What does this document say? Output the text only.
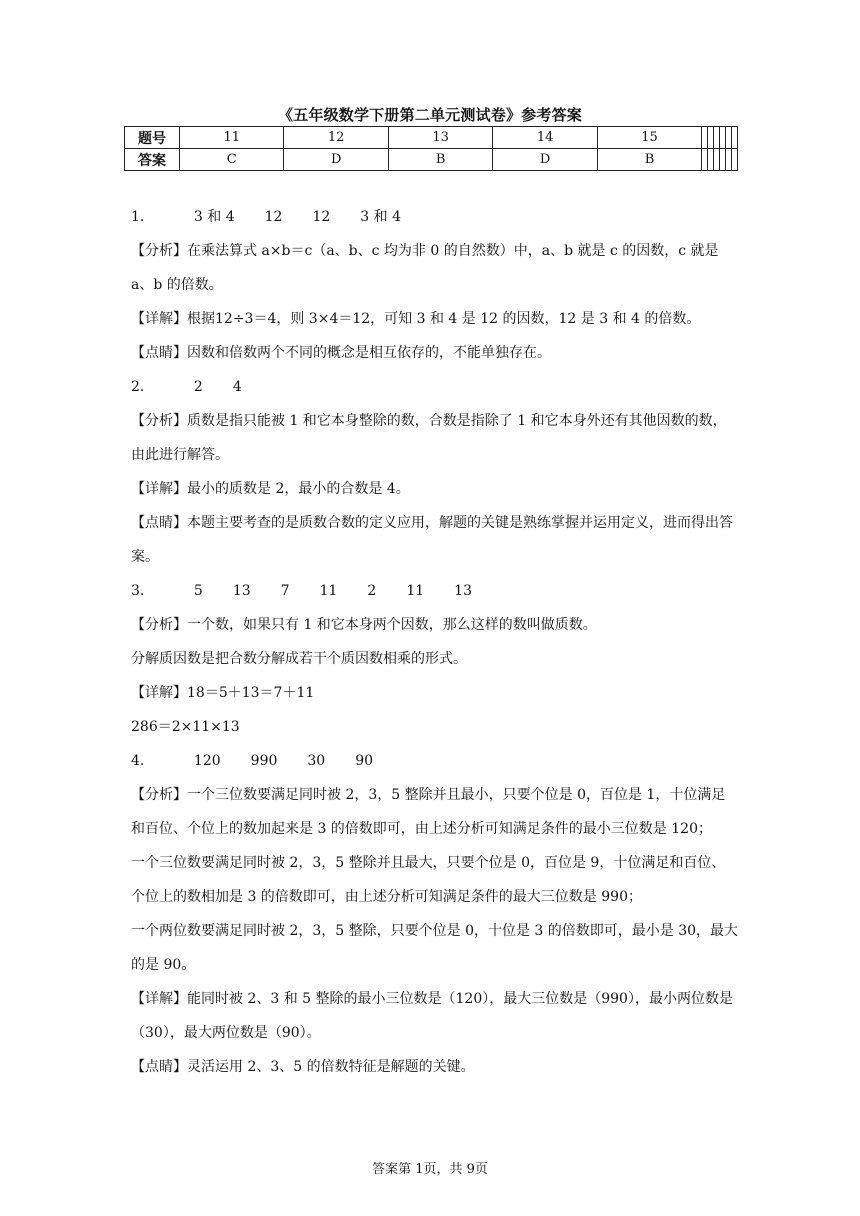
《五年级数学下册第二单元测试卷》参考答案
题号	11	12	13	14	15						
答案	C	D	B	D	B						
1．	3 和 4 12 12 3 和 4
【分析】在乘法算式 a×b＝c（a、b、c 均为非 0 的自然数）中，a、b 就是 c 的因数，c 就是 a、b 的倍数。
【详解】根据12÷3＝4，则 3×4＝12，可知 3 和 4 是 12 的因数，12 是 3 和 4 的倍数。
【点睛】因数和倍数两个不同的概念是相互依存的，不能单独存在。
2．	2 4
【分析】质数是指只能被 1 和它本身整除的数，合数是指除了 1 和它本身外还有其他因数的数，由此进行解答。
【详解】最小的质数是 2，最小的合数是 4。
【点睛】本题主要考查的是质数合数的定义应用，解题的关键是熟练掌握并运用定义，进而得出答案。
3．	5 13 7 11 2 11 13
【分析】一个数，如果只有 1 和它本身两个因数，那么这样的数叫做质数。
分解质因数是把合数分解成若干个质因数相乘的形式。
【详解】18＝5＋13＝7＋11
286＝2×11×13
4．	120 990 30 90
【分析】一个三位数要满足同时被 2，3，5 整除并且最小，只要个位是 0，百位是 1，十位满足和百位、个位上的数加起来是 3 的倍数即可，由上述分析可知满足条件的最小三位数是 120；
一个三位数要满足同时被 2，3，5 整除并且最大，只要个位是 0，百位是 9，十位满足和百位、个位上的数相加是 3 的倍数即可，由上述分析可知满足条件的最大三位数是 990；
一个两位数要满足同时被 2，3，5 整除，只要个位是 0，十位是 3 的倍数即可，最小是 30，最大的是 90。
【详解】能同时被 2、3 和 5 整除的最小三位数是（120），最大三位数是（990），最小两位数是（30），最大两位数是（90）。
【点睛】灵活运用 2、3、5 的倍数特征是解题的关键。
答案第 1页，共 9页
